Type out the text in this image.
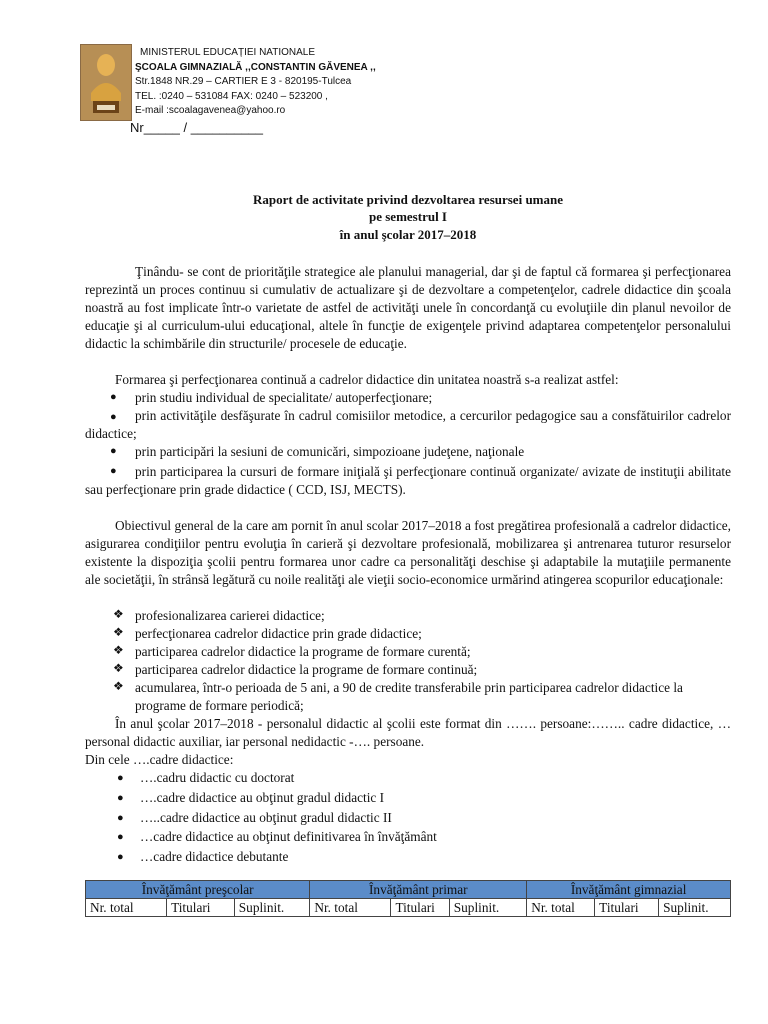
MINISTERUL EDUCAȚIEI NATIONALE
ŞCOALA GIMNAZIALĂ ,,CONSTANTIN GĂVENEA ,,
Str.1848 NR.29 – CARTIER E 3 - 820195-Tulcea
TEL. :0240 – 531084 FAX: 0240 – 523200 ,
E-mail :scoalagavenea@yahoo.ro
Nr_____ / __________
Raport de activitate privind dezvoltarea resursei umane
pe semestrul I
în anul şcolar 2017–2018
Ţinându- se cont de priorităţile strategice ale planului managerial, dar şi de faptul că formarea şi perfecţionarea reprezintă un proces continuu si cumulativ de actualizare şi de dezvoltare a competenţelor, cadrele didactice din şcoala noastră au fost implicate într-o varietate de astfel de activităţi unele în concordanţă cu evoluţiile din planul nevoilor de educaţie şi al curriculum-ului educaţional, altele în funcţie de exigenţele privind adaptarea competenţelor personalului didactic la schimbările din structurile/ procesele de educaţie.
Formarea şi perfecţionarea continuă a cadrelor didactice din unitatea noastră s-a realizat astfel:
● prin studiu individual de specialitate/ autoperfecţionare;
●	prin activităţile desfăşurate în cadrul comisiilor metodice, a cercurilor pedagogice sau a consfătuirilor cadrelor didactice;
● prin participări la sesiuni de comunicări, simpozioane judeţene, naţionale
●	prin participarea la cursuri de formare iniţială şi perfecţionare continuă organizate/ avizate de instituţii abilitate sau perfecţionare prin grade didactice ( CCD, ISJ, MECTS).
Obiectivul general de la care am pornit în anul scolar 2017–2018 a fost pregătirea profesională a cadrelor didactice, asigurarea condiţiilor pentru evoluţia în carieră şi dezvoltare profesională, mobilizarea şi antrenarea tuturor resurselor existente la dispoziţia şcolii pentru formarea unor cadre ca personalităţi deschise şi adaptabile la mutaţiile permanente ale societăţii, în strânsă legătură cu noile realităţi ale vieţii socio-economice urmărind atingerea scopurilor educaţionale:
❖ profesionalizarea carierei didactice;
❖ perfecţionarea cadrelor didactice prin grade didactice;
❖ participarea cadrelor didactice la programe de formare curentă;
❖ participarea cadrelor didactice la programe de formare continuă;
❖ acumularea, într-o perioada de 5 ani, a 90 de credite transferabile prin participarea cadrelor didactice la programe de formare periodică;
În anul şcolar 2017–2018 - personalul didactic al şcolii este format din ……. persoane:…….. cadre didactice, … personal didactic auxiliar, iar personal nedidactic -…. persoane.
Din cele ….cadre didactice:
● ….cadru didactic cu doctorat
● ….cadre didactice au obţinut gradul didactic I
● …..cadre didactice au obţinut gradul didactic II
● …cadre didactice au obţinut definitivarea în învăţământ
● …cadre didactice debutante
Învăţământ preşcolar			Învăţământ primar			Învăţământ gimnazial		
Nr. total	Titulari	Suplinit.	Nr. total	Titulari	Suplinit.	Nr. total	Titulari	Suplinit.
